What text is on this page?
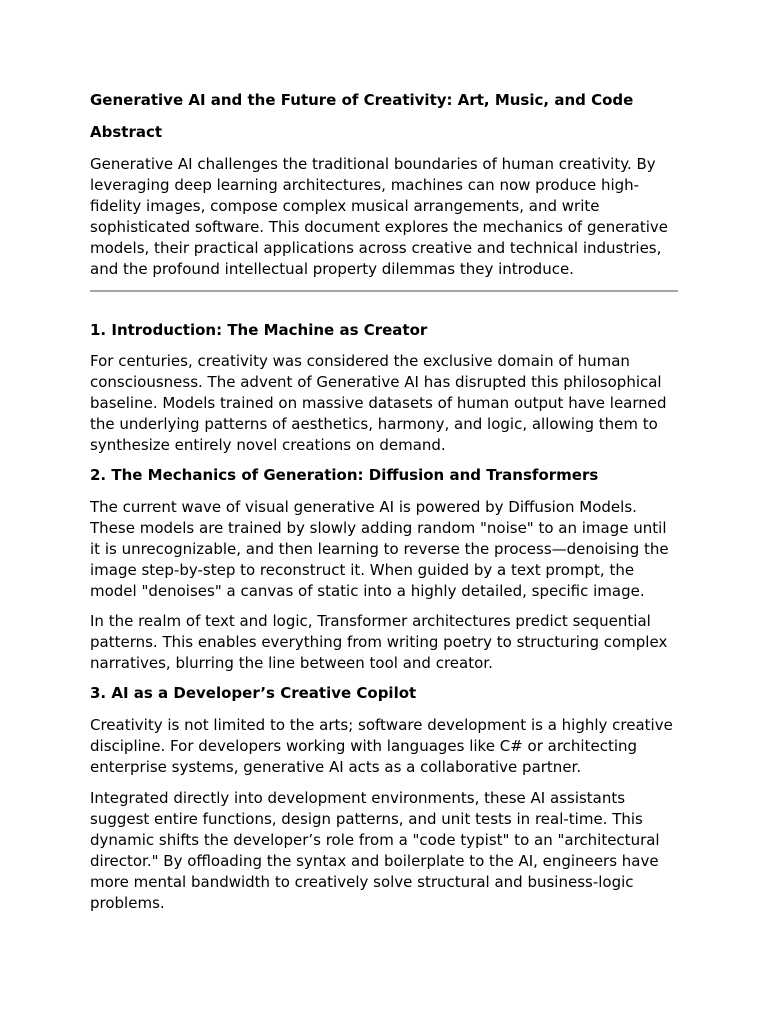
Generative AI and the Future of Creativity: Art, Music, and Code
Abstract

Generative AI challenges the traditional boundaries of human creativity. By leveraging deep learning architectures, machines can now produce high-fidelity images, compose complex musical arrangements, and write sophisticated software. This document explores the mechanics of generative models, their practical applications across creative and technical industries, and the profound intellectual property dilemmas they introduce.

1. Introduction: The Machine as Creator

For centuries, creativity was considered the exclusive domain of human consciousness. The advent of Generative AI has disrupted this philosophical baseline. Models trained on massive datasets of human output have learned the underlying patterns of aesthetics, harmony, and logic, allowing them to synthesize entirely novel creations on demand.

2. The Mechanics of Generation: Diffusion and Transformers

The current wave of visual generative AI is powered by Diffusion Models. These models are trained by slowly adding random "noise" to an image until it is unrecognizable, and then learning to reverse the process—denoising the image step-by-step to reconstruct it. When guided by a text prompt, the model "denoises" a canvas of static into a highly detailed, specific image.

In the realm of text and logic, Transformer architectures predict sequential patterns. This enables everything from writing poetry to structuring complex narratives, blurring the line between tool and creator.

3. AI as a Developer’s Creative Copilot

Creativity is not limited to the arts; software development is a highly creative discipline. For developers working with languages like C# or architecting enterprise systems, generative AI acts as a collaborative partner.

Integrated directly into development environments, these AI assistants suggest entire functions, design patterns, and unit tests in real-time. This dynamic shifts the developer’s role from a "code typist" to an "architectural director." By offloading the syntax and boilerplate to the AI, engineers have more mental bandwidth to creatively solve structural and business-logic problems.
